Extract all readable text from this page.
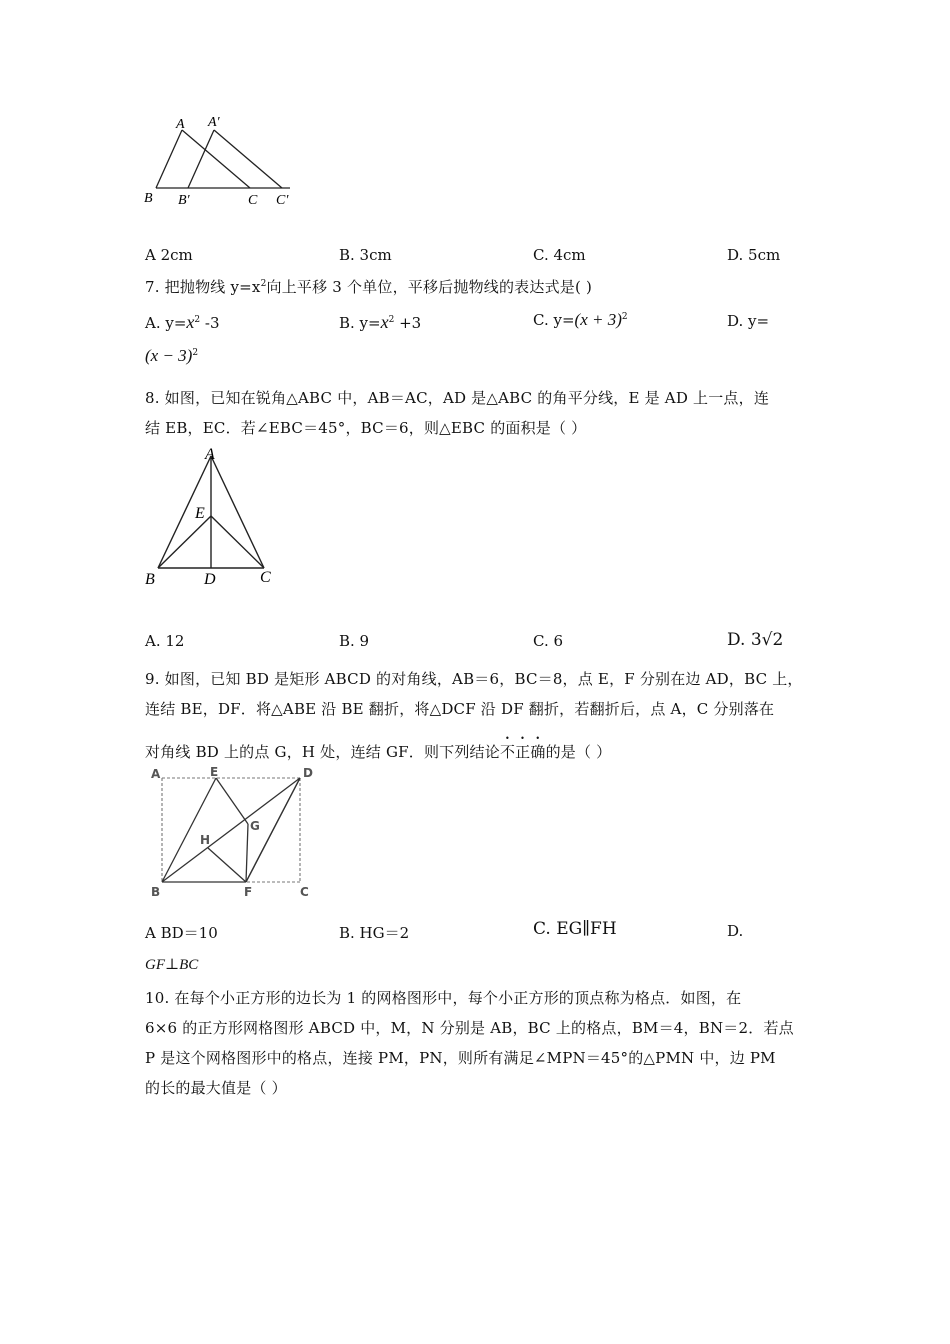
A A′
B B′	C C′
A 2cm	B. 3cm	C. 4cm	D. 5cm
7. 把抛物线 $y=x^2$向上平移 3 个单位，平移后抛物线的表达式是( )
A. $y=x^2$ -3	B. $y=x^2 +3$	C. $y=(x + 3)^2$	D. y=
$(x - 3)^2$
8. 如图，已知在锐角△ABC 中，AB＝AC，AD 是△ABC 的角平分线，E 是 AD 上一点，连
结 EB，EC．若∠EBC＝45°，BC＝6，则△EBC 的面积是（ ）
A
E
B	D	C
A. 12	B. 9	C. 6	D. 3√2
9. 如图，已知 BD 是矩形 ABCD 的对角线，AB＝6，BC＝8，点 E，F 分别在边 AD，BC 上，
连结 BE，DF．将△ABE 沿 BE 翻折，将△DCF 沿 DF 翻折，若翻折后，点 A，C 分别落在
对角线 BD 上的点 G，H 处，连结 GF．则下列结论不正确的是（ ）
A	E	D
G
H
B	F	C
A BD＝10	B. HG＝2	C. EG∥FH	D.
GF⊥BC
10. 在每个小正方形的边长为 1 的网格图形中，每个小正方形的顶点称为格点．如图，在
6×6 的正方形网格图形 ABCD 中，M，N 分别是 AB，BC 上的格点，BM＝4，BN＝2．若点
P 是这个网格图形中的格点，连接 PM，PN，则所有满足∠MPN＝45°的△PMN 中，边 PM
的长的最大值是（ ）
